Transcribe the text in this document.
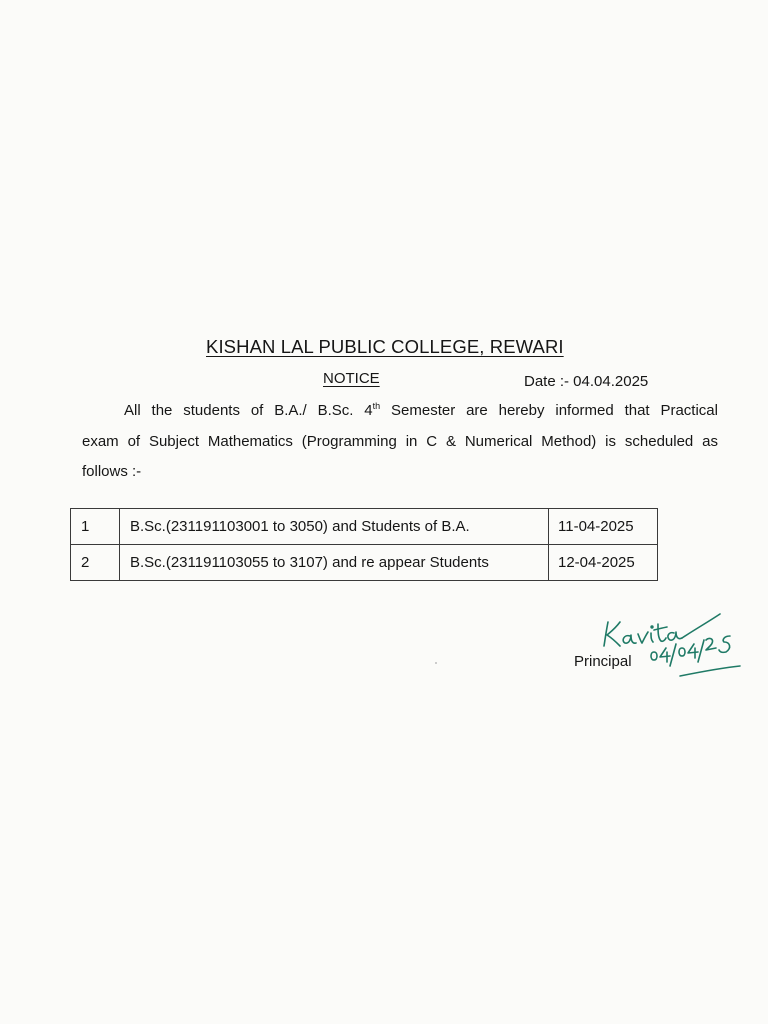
KISHAN LAL PUBLIC COLLEGE, REWARI
NOTICE	Date :- 04.04.2025
All the students of B.A./ B.Sc. 4th Semester are hereby informed that Practical
exam of Subject Mathematics (Programming in C & Numerical Method) is scheduled as
follows :-
1	B.Sc.(231191103001 to 3050) and Students of B.A.	11-04-2025
2	B.Sc.(231191103055 to 3107) and re appear Students	12-04-2025
Principal
